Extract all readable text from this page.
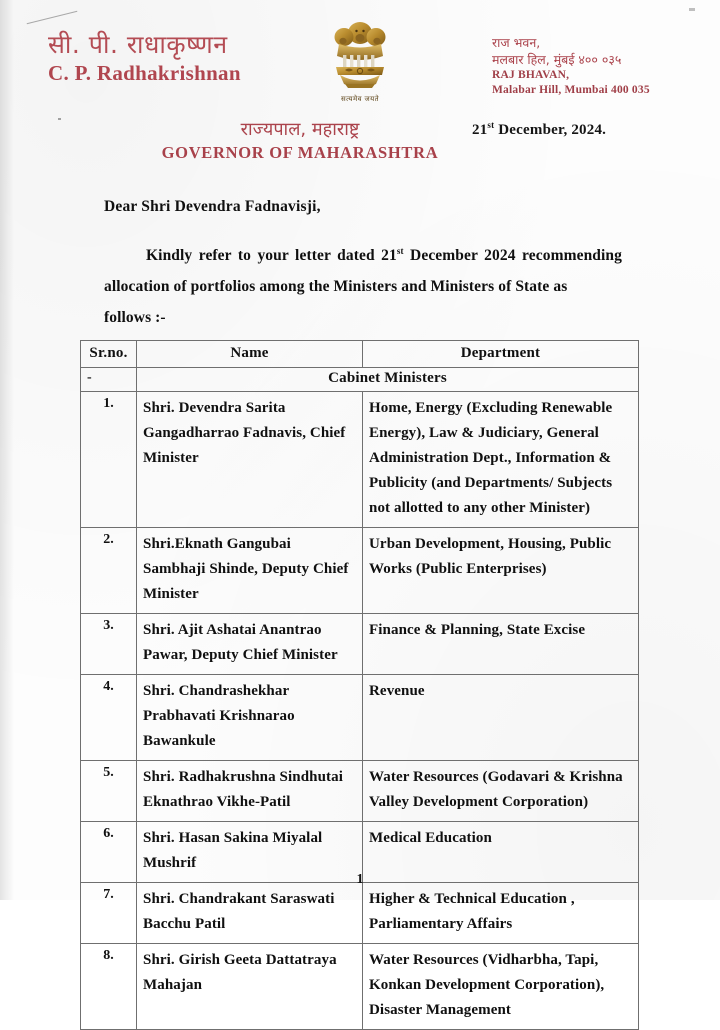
सी. पी. राधाकृष्णन
C. P. Radhakrishnan
सत्यमेव जयते
राज भवन,
मलबार हिल, मुंबई ४०० ०३५
RAJ BHAVAN,
Malabar Hill, Mumbai 400 035
राज्यपाल, महाराष्ट्र
GOVERNOR OF MAHARASHTRA
21st December, 2024.
Dear Shri Devendra Fadnavisji,
Kindly refer to your letter dated 21st December 2024 recommending allocation of portfolios among the Ministers and Ministers of State as
follows :-
Sr.no.	Name	Department
-	Cabinet Ministers	
1.	Shri. Devendra Sarita Gangadharrao Fadnavis, Chief Minister	Home, Energy (Excluding Renewable Energy), Law & Judiciary, General Administration Dept., Information & Publicity (and Departments/ Subjects not allotted to any other Minister)
2.	Shri.Eknath Gangubai Sambhaji Shinde, Deputy Chief Minister	Urban Development, Housing, Public Works (Public Enterprises)
3.	Shri. Ajit Ashatai Anantrao Pawar, Deputy Chief Minister	Finance & Planning, State Excise
4.	Shri. Chandrashekhar Prabhavati Krishnarao Bawankule	Revenue
5.	Shri. Radhakrushna Sindhutai Eknathrao Vikhe-Patil	Water Resources (Godavari & Krishna Valley Development Corporation)
6.	Shri. Hasan Sakina Miyalal Mushrif	Medical Education
7.	Shri. Chandrakant Saraswati Bacchu Patil	Higher & Technical Education , Parliamentary Affairs
8.	Shri. Girish Geeta Dattatraya Mahajan	Water Resources (Vidharbha, Tapi, Konkan Development Corporation), Disaster Management
1
